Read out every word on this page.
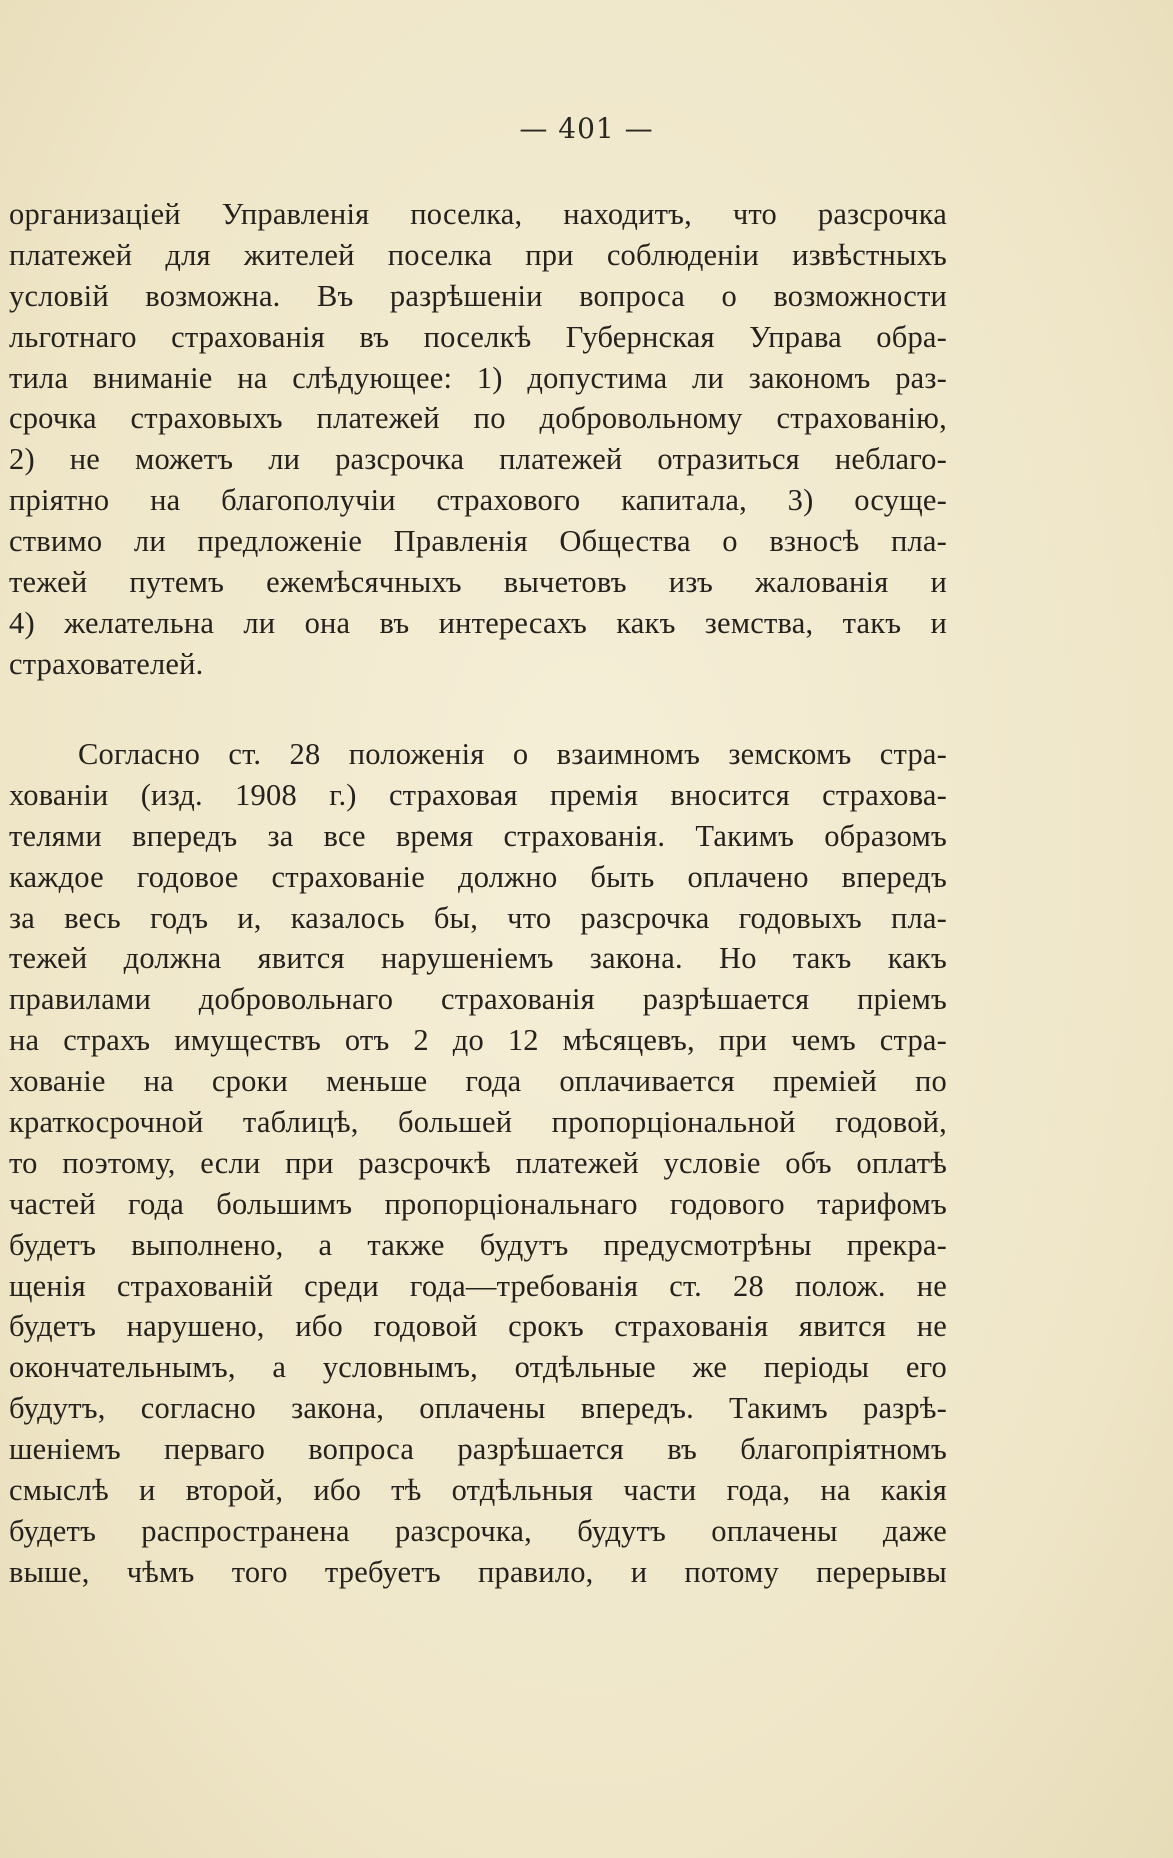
— 401 —
организаціей Управленія поселка, находитъ, что разсрочка
платежей для жителей поселка при соблюденіи извѣстныхъ
условій возможна. Въ разрѣшеніи вопроса о возможности
льготнаго страхованія въ поселкѣ Губернская Управа обра-
тила вниманіе на слѣдующее: 1) допустима ли закономъ раз-
срочка страховыхъ платежей по добровольному страхованію,
2) не можетъ ли разсрочка платежей отразиться неблаго-
пріятно на благополучіи страхового капитала, 3) осуще-
ствимо ли предложеніе Правленія Общества о взносѣ пла-
тежей путемъ ежемѣсячныхъ вычетовъ изъ жалованія и
4) желательна ли она въ интересахъ какъ земства, такъ и
страхователей.
Согласно ст. 28 положенія о взаимномъ земскомъ стра-
хованіи (изд. 1908 г.) страховая премія вносится страхова-
телями впередъ за все время страхованія. Такимъ образомъ
каждое годовое страхованіе должно быть оплачено впередъ
за весь годъ и, казалось бы, что разсрочка годовыхъ пла-
тежей должна явится нарушеніемъ закона. Но такъ какъ
правилами добровольнаго страхованія разрѣшается пріемъ
на страхъ имуществъ отъ 2 до 12 мѣсяцевъ, при чемъ стра-
хованіе на сроки меньше года оплачивается преміей по
краткосрочной таблицѣ, большей пропорціональной годовой,
то поэтому, если при разсрочкѣ платежей условіе объ оплатѣ
частей года большимъ пропорціональнаго годового тарифомъ
будетъ выполнено, а также будутъ предусмотрѣны прекра-
щенія страхованій среди года—требованія ст. 28 полож. не
будетъ нарушено, ибо годовой срокъ страхованія явится не
окончательнымъ, а условнымъ, отдѣльные же періоды его
будутъ, согласно закона, оплачены впередъ. Такимъ разрѣ-
шеніемъ перваго вопроса разрѣшается въ благопріятномъ
смыслѣ и второй, ибо тѣ отдѣльныя части года, на какія
будетъ распространена разсрочка, будутъ оплачены даже
выше, чѣмъ того требуетъ правило, и потому перерывы
